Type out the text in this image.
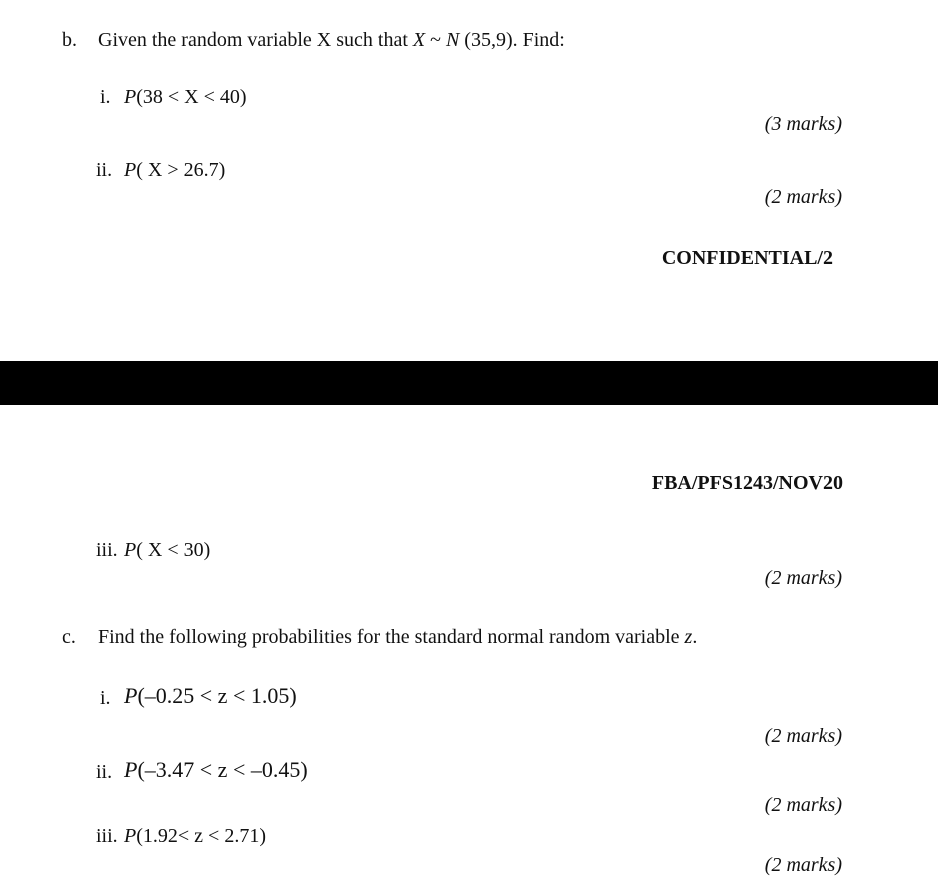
b. Given the random variable X such that X ~ N (35,9). Find:
i. P(38 < X < 40)
(3 marks)
ii. P( X > 26.7)
(2 marks)
CONFIDENTIAL/2
FBA/PFS1243/NOV20
iii. P( X < 30)
(2 marks)
c. Find the following probabilities for the standard normal random variable z.
i. P(–0.25 < z < 1.05)
(2 marks)
ii. P(–3.47 < z < –0.45)
(2 marks)
iii. P(1.92< z < 2.71)
(2 marks)
